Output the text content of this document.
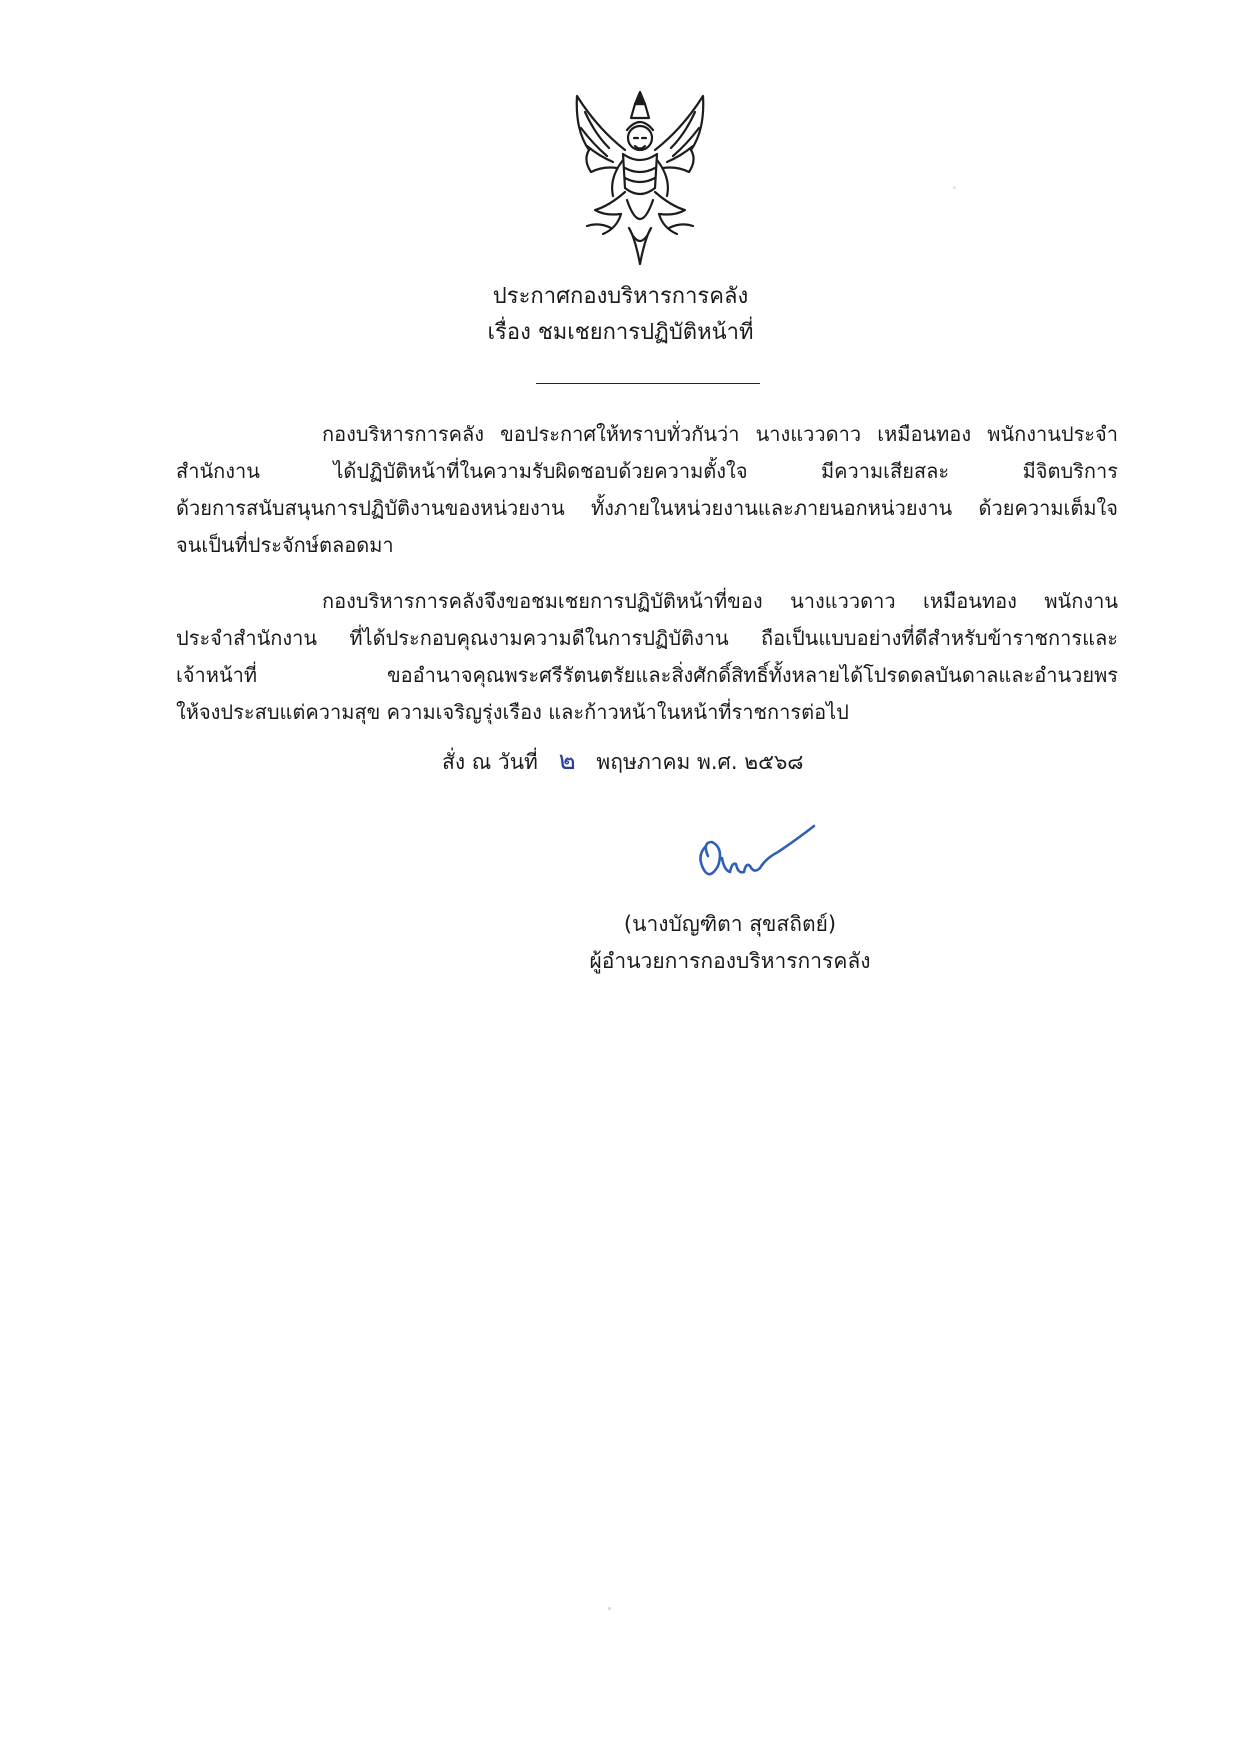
ประกาศกองบริหารการคลัง
เรื่อง ชมเชยการปฏิบัติหน้าที่
กองบริหารการคลัง ขอประกาศให้ทราบทั่วกันว่า นางแววดาว เหมือนทอง พนักงานประจำ
สำนักงาน ได้ปฏิบัติหน้าที่ในความรับผิดชอบด้วยความตั้งใจ มีความเสียสละ มีจิตบริการ
ด้วยการสนับสนุนการปฏิบัติงานของหน่วยงาน ทั้งภายในหน่วยงานและภายนอกหน่วยงาน ด้วยความเต็มใจ
จนเป็นที่ประจักษ์ตลอดมา
กองบริหารการคลังจึงขอชมเชยการปฏิบัติหน้าที่ของ นางแววดาว เหมือนทอง พนักงาน
ประจำสำนักงาน ที่ได้ประกอบคุณงามความดีในการปฏิบัติงาน ถือเป็นแบบอย่างที่ดีสำหรับข้าราชการและ
เจ้าหน้าที่ ขออำนาจคุณพระศรีรัตนตรัยและสิ่งศักดิ์สิทธิ์ทั้งหลายได้โปรดดลบันดาลและอำนวยพร
ให้จงประสบแต่ความสุข ความเจริญรุ่งเรือง และก้าวหน้าในหน้าที่ราชการต่อไป
สั่ง ณ วันที่ ๒ พฤษภาคม พ.ศ. ๒๕๖๘
(นางบัญฑิตา สุขสถิตย์)
ผู้อำนวยการกองบริหารการคลัง
